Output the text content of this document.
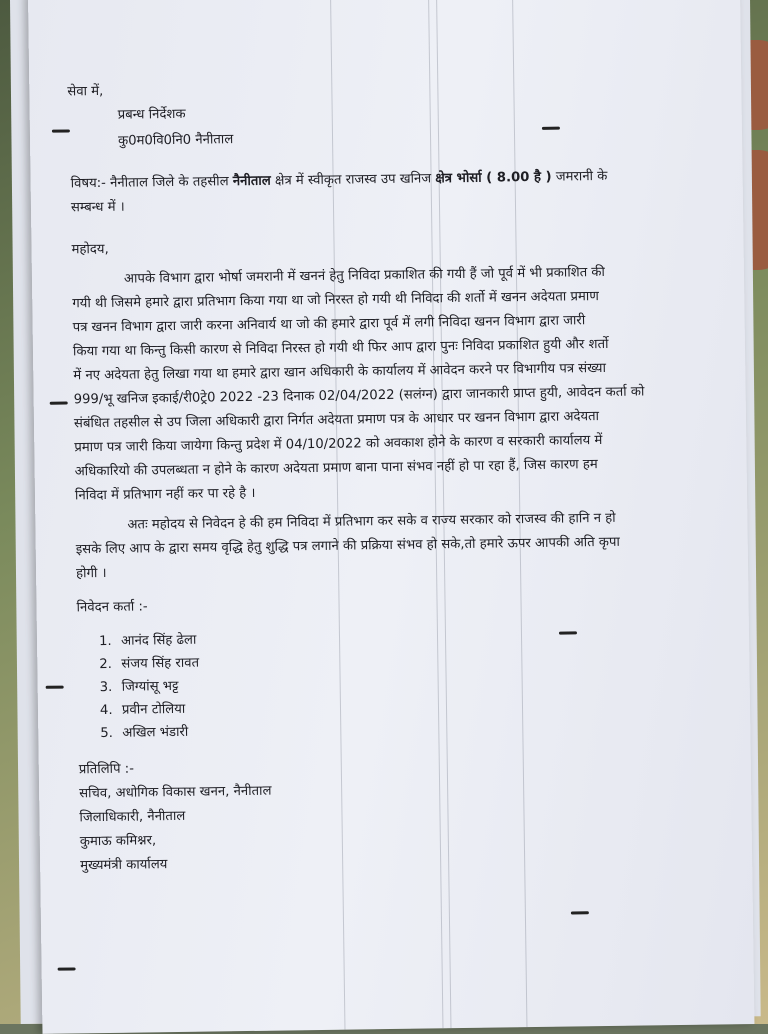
सेवा में,
प्रबन्ध निर्देशक
कु0म0वि0नि0 नैनीताल
विषय:- नैनीताल जिले के तहसील नैनीताल क्षेत्र में स्वीकृत राजस्व उप खनिज क्षेत्र भोर्सा ( 8.00 है ) जमरानी के
सम्बन्ध में ।
महोदय,
आपके विभाग द्वारा भोर्षा जमरानी में खननं हेतु निविदा प्रकाशित की गयी हैं जो पूर्व में भी प्रकाशित की
गयी थी जिसमे हमारे द्वारा प्रतिभाग किया गया था जो निरस्त हो गयी थी निविदा की शर्तो में खनन अदेयता प्रमाण
पत्र खनन विभाग द्वारा जारी करना अनिवार्य था जो की हमारे द्वारा पूर्व में लगी निविदा खनन विभाग द्वारा जारी
किया गया था किन्तु किसी कारण से निविदा निरस्त हो गयी थी फिर आप द्वारा पुनः निविदा प्रकाशित हुयी और शर्तो
में नए अदेयता हेतु लिखा गया था हमारे द्वारा खान अधिकारी के कार्यालय में आवेदन करने पर विभागीय पत्र संख्या
999/भू खनिज इकाई/री0ट्रे0 2022 -23 दिनाक 02/04/2022 (सलंग्न) द्वारा जानकारी प्राप्त हुयी, आवेदन कर्ता को
संबंधित तहसील से उप जिला अधिकारी द्वारा निर्गत अदेयता प्रमाण पत्र के आधार पर खनन विभाग द्वारा अदेयता
प्रमाण पत्र जारी किया जायेगा किन्तु प्रदेश में 04/10/2022 को अवकाश होने के कारण व सरकारी कार्यालय में
अधिकारियो की उपलब्धता न होने के कारण अदेयता प्रमाण बाना पाना संभव नहीं हो पा रहा हैं, जिस कारण हम
निविदा में प्रतिभाग नहीं कर पा रहे है ।
अतः महोदय से निवेदन हे की हम निविदा में प्रतिभाग कर सके व राज्य सरकार को राजस्व की हानि न हो
इसके लिए आप के द्वारा समय वृद्धि हेतु शुद्धि पत्र लगाने की प्रक्रिया संभव हो सके,तो हमारे ऊपर आपकी अति कृपा
होगी ।
निवेदन कर्ता :-
1. आनंद सिंह ढेला
2. संजय सिंह रावत
3. जिग्यांसू भट्ट
4. प्रवीन टोलिया
5. अखिल भंडारी
प्रतिलिपि :-
सचिव, अधोगिक विकास खनन, नैनीताल
जिलाधिकारी, नैनीताल
कुमाऊ कमिश्नर,
मुख्यमंत्री कार्यालय
